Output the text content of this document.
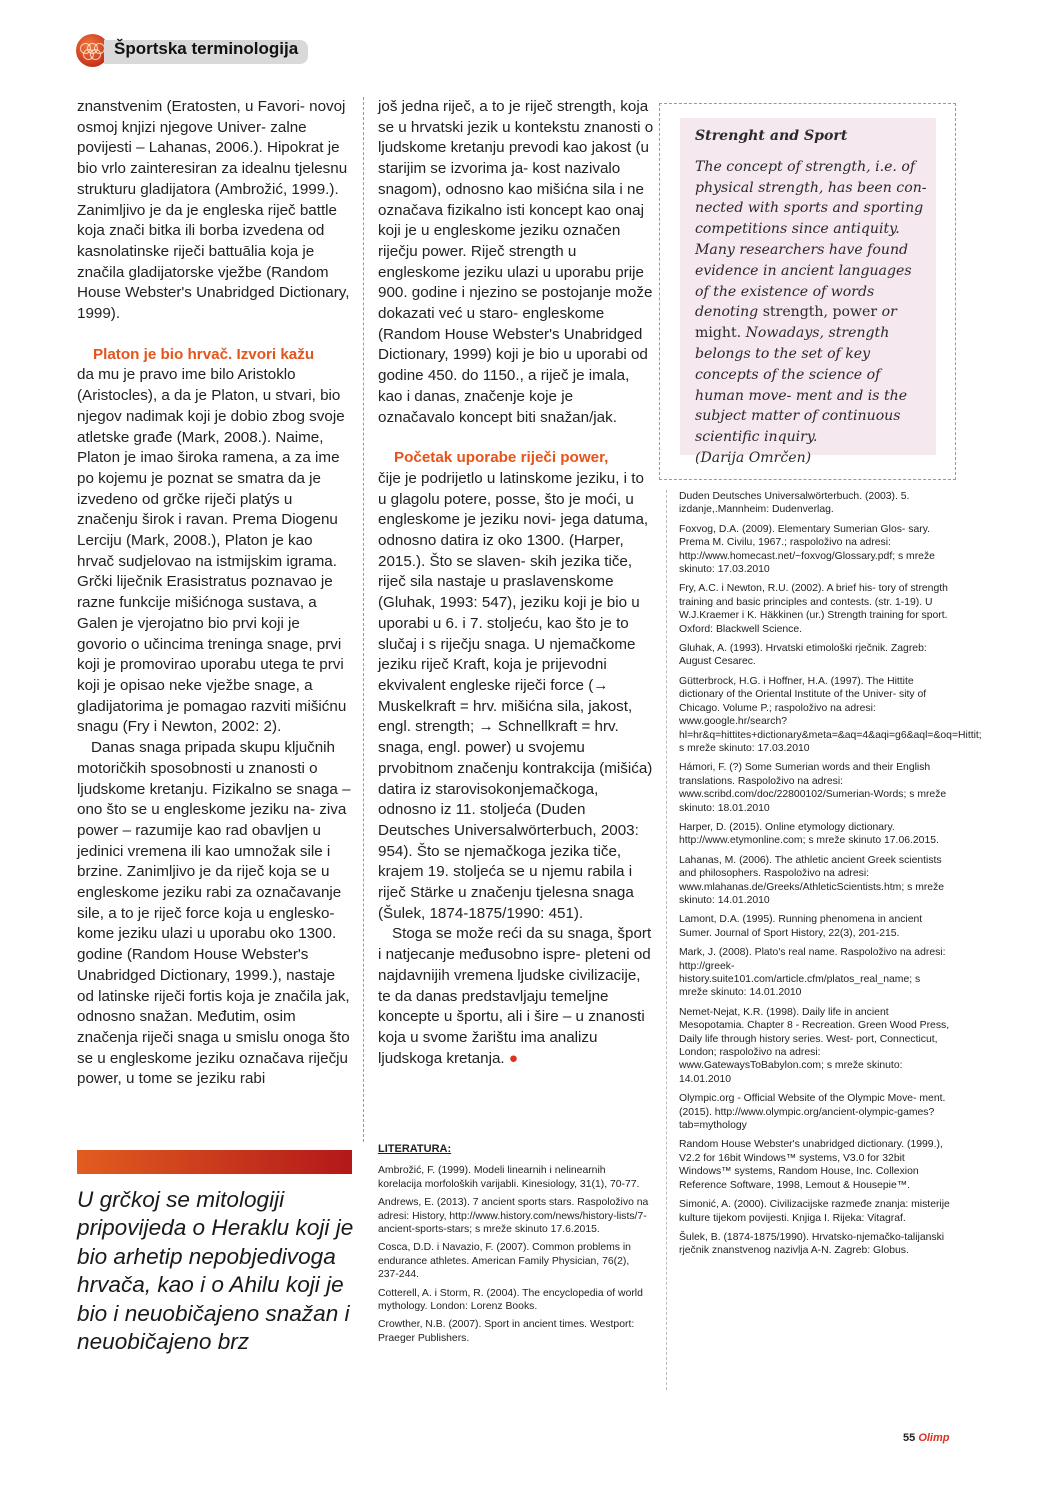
Športska terminologija

znanstvenim (Eratosten, u Favori- novoj osmoj knjizi njegove Univer- zalne povijesti – Lahanas, 2006.). Hipokrat je bio vrlo zainteresiran za idealnu tjelesnu strukturu gladijatora (Ambrožić, 1999.). Zanimljivo je da je engleska riječ battle koja znači bitka ili borba izvedena od kasnolatinske riječi battuālia koja je značila gladijatorske vježbe (Random House Webster's Unabridged Dictionary, 1999).

Platon je bio hrvač. Izvori kažu

da mu je pravo ime bilo Aristoklo (Aristocles), a da je Platon, u stvari, bio njegov nadimak koji je dobio zbog svoje atletske građe (Mark, 2008.). Naime, Platon je imao široka ramena, a za ime po kojemu je poznat se smatra da je izvedeno od grčke riječi platýs u značenju širok i ravan. Prema Diogenu Lerciju (Mark, 2008.), Platon je kao hrvač sudjelovao na istmijskim igrama. Grčki liječnik Erasistratus poznavao je razne funkcije mišićnoga sustava, a Galen je vjerojatno bio prvi koji je govorio o učincima treninga snage, prvi koji je promovirao uporabu utega te prvi koji je opisao neke vježbe snage, a gladijatorima je pomagao razviti mišićnu snagu (Fry i Newton, 2002: 2).

Danas snaga pripada skupu ključnih motoričkih sposobnosti u znanosti o ljudskome kretanju. Fizikalno se snaga – ono što se u engleskome jeziku na- ziva power – razumije kao rad obavljen u jedinici vremena ili kao umnožak sile i brzine. Zanimljivo je da riječ koja se u engleskome jeziku rabi za označavanje sile, a to je riječ force koja u englesko- kome jeziku ulazi u uporabu oko 1300. godine (Random House Webster's Unabridged Dictionary, 1999.), nastaje od latinske riječi fortis koja je značila jak, odnosno snažan. Međutim, osim značenja riječi snaga u smislu onoga što se u engleskome jeziku označava riječju power, u tome se jeziku rabi

još jedna riječ, a to je riječ strength, koja se u hrvatski jezik u kontekstu znanosti o ljudskome kretanju prevodi kao jakost (u starijim se izvorima ja- kost nazivalo snagom), odnosno kao mišićna sila i ne označava fizikalno isti koncept kao onaj koji je u engleskome jeziku označen riječju power. Riječ strength u engleskome jeziku ulazi u uporabu prije 900. godine i njezino se postojanje može dokazati već u staro- engleskome (Random House Webster's Unabridged Dictionary, 1999) koji je bio u uporabi od godine 450. do 1150., a riječ je imala, kao i danas, značenje koje je označavalo koncept biti snažan/jak.

Početak uporabe riječi power,

čije je podrijetlo u latinskome jeziku, i to u glagolu potere, posse, što je moći, u engleskome je jeziku novi- jega datuma, odnosno datira iz oko 1300. (Harper, 2015.). Što se slaven- skih jezika tiče, riječ sila nastaje u praslavenskome (Gluhak, 1993: 547), jeziku koji je bio u uporabi u 6. i 7. stoljeću, kao što je to slučaj i s riječju snaga. U njemačkome jeziku riječ Kraft, koja je prijevodni ekvivalent engleske riječi force (→ Muskelkraft = hrv. mišićna sila, jakost, engl. strength; → Schnellkraft = hrv. snaga, engl. power) u svojemu prvobitnom značenju kontrakcija (mišića) datira iz starovisokonjemačkoga, odnosno iz 11. stoljeća (Duden Deutsches Universalwörterbuch, 2003: 954). Što se njemačkoga jezika tiče, krajem 19. stoljeća se u njemu rabila i riječ Stärke u značenju tjelesna snaga (Šulek, 1874-1875/1990: 451).

Stoga se može reći da su snaga, šport i natjecanje međusobno ispre- pleteni od najdavnijih vremena ljudske civilizacije, te da danas predstavljaju temeljne koncepte u športu, ali i šire – u znanosti koja u svome žarištu ima analizu ljudskoga kretanja. ●

U grčkoj se mitologiji pripovijeda o Heraklu koji je bio arhetip nepobjedivoga hrvača, kao i o Ahilu koji je bio i neuobičajeno snažan i neuobičajeno brz
LITERATURA:

Ambrožić, F. (1999). Modeli linearnih i nelinearnih korelacija morfoloških varijabli. Kinesiology, 31(1), 70-77.

Andrews, E. (2013). 7 ancient sports stars. Raspoloživo na adresi: History, http://www.history.com/news/history-lists/7-ancient-sports-stars; s mreže skinuto 17.6.2015.

Cosca, D.D. i Navazio, F. (2007). Common problems in endurance athletes. American Family Physician, 76(2), 237-244.

Cotterell, A. i Storm, R. (2004). The encyclopedia of world mythology. London: Lorenz Books.

Crowther, N.B. (2007). Sport in ancient times. Westport: Praeger Publishers.

Strenght and Sport
The concept of strength, i.e. of physical strength, has been con- nected with sports and sporting competitions since antiquity. Many researchers have found evidence in ancient languages of the existence of words denoting strength, power or might. Nowadays, strength belongs to the set of key concepts of the science of human move- ment and is the subject matter of continuous scientific inquiry.
(Darija Omrčen)

Duden Deutsches Universalwörterbuch. (2003). 5. izdanje,.Mannheim: Dudenverlag.

Foxvog, D.A. (2009). Elementary Sumerian Glos- sary. Prema M. Civilu, 1967.; raspoloživo na adresi: http://www.homecast.net/~foxvog/Glossary.pdf; s mreže skinuto: 17.03.2010

Fry, A.C. i Newton, R.U. (2002). A brief his- tory of strength training and basic principles and contests. (str. 1-19). U W.J.Kraemer i K. Häkkinen (ur.) Strength training for sport. Oxford: Blackwell Science.

Gluhak, A. (1993). Hrvatski etimološki rječnik. Zagreb: August Cesarec.

Gütterbrock, H.G. i Hoffner, H.A. (1997). The Hittite dictionary of the Oriental Institute of the Univer- sity of Chicago. Volume P.; raspoloživo na adresi: www.google.hr/search?hl=hr&q=hittites+dictionary&meta=&aq=4&aqi=g6&aql=&oq=Hittit; s mreže skinuto: 17.03.2010

Hámori, F. (?) Some Sumerian words and their English translations. Raspoloživo na adresi: www.scribd.com/doc/22800102/Sumerian-Words; s mreže skinuto: 18.01.2010

Harper, D. (2015). Online etymology dictionary. http://www.etymonline.com; s mreže skinuto 17.06.2015.

Lahanas, M. (2006). The athletic ancient Greek scientists and philosophers. Raspoloživo na adresi: www.mlahanas.de/Greeks/AthleticScientists.htm; s mreže skinuto: 14.01.2010

Lamont, D.A. (1995). Running phenomena in ancient Sumer. Journal of Sport History, 22(3), 201-215.

Mark, J. (2008). Plato's real name. Raspoloživo na adresi: http://greek-history.suite101.com/article.cfm/platos_real_name; s mreže skinuto: 14.01.2010

Nemet-Nejat, K.R. (1998). Daily life in ancient Mesopotamia. Chapter 8 - Recreation. Green Wood Press, Daily life through history series. West- port, Connecticut, London; raspoloživo na adresi: www.GatewaysToBabylon.com; s mreže skinuto: 14.01.2010

Olympic.org - Official Website of the Olympic Move- ment. (2015). http://www.olympic.org/ancient-olympic-games?tab=mythology

Random House Webster's unabridged dictionary. (1999.), V2.2 for 16bit Windows™ systems, V3.0 for 32bit Windows™ systems, Random House, Inc. Collexion Reference Software, 1998, Lemout & Housepie™.

Simonić, A. (2000). Civilizacijske razmeđe znanja: misterije kulture tijekom povijesti. Knjiga I. Rijeka: Vitagraf.

Šulek, B. (1874-1875/1990). Hrvatsko-njemačko-talijanski rječnik znanstvenog nazivlja A-N. Zagreb: Globus.

55 Olimp
